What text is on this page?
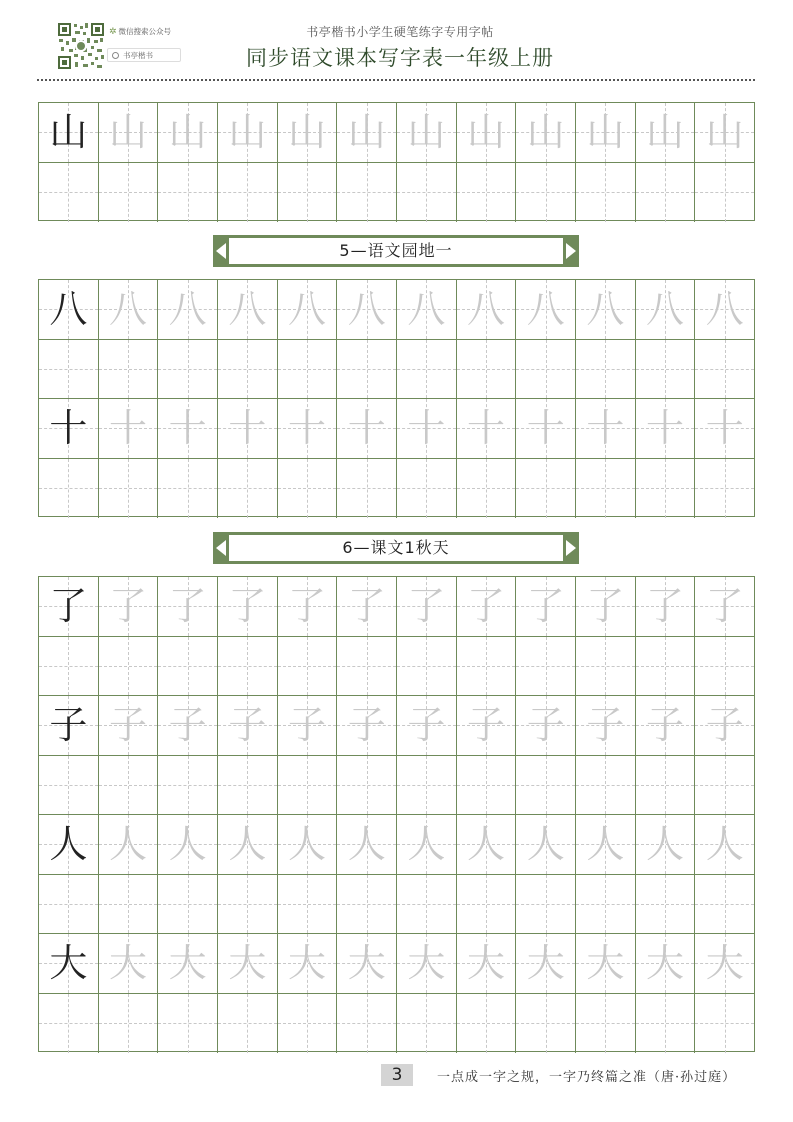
✲ 微信搜索公众号
书亭楷书
书亭楷书小学生硬笔练字专用字帖
同步语文课本写字表一年级上册
山 山 山 山 山 山 山 山 山 山 山 山
八 八 八 八 八 八 八 八 八 八 八 八
十 十 十 十 十 十 十 十 十 十 十 十
了 了 了 了 了 了 了 了 了 了 了 了
子 子 子 子 子 子 子 子 子 子 子 子
人 人 人 人 人 人 人 人 人 人 人 人
大 大 大 大 大 大 大 大 大 大 大 大
5—语文园地一
6—课文1秋天
3	一点成一字之规，一字乃终篇之准（唐·孙过庭）
